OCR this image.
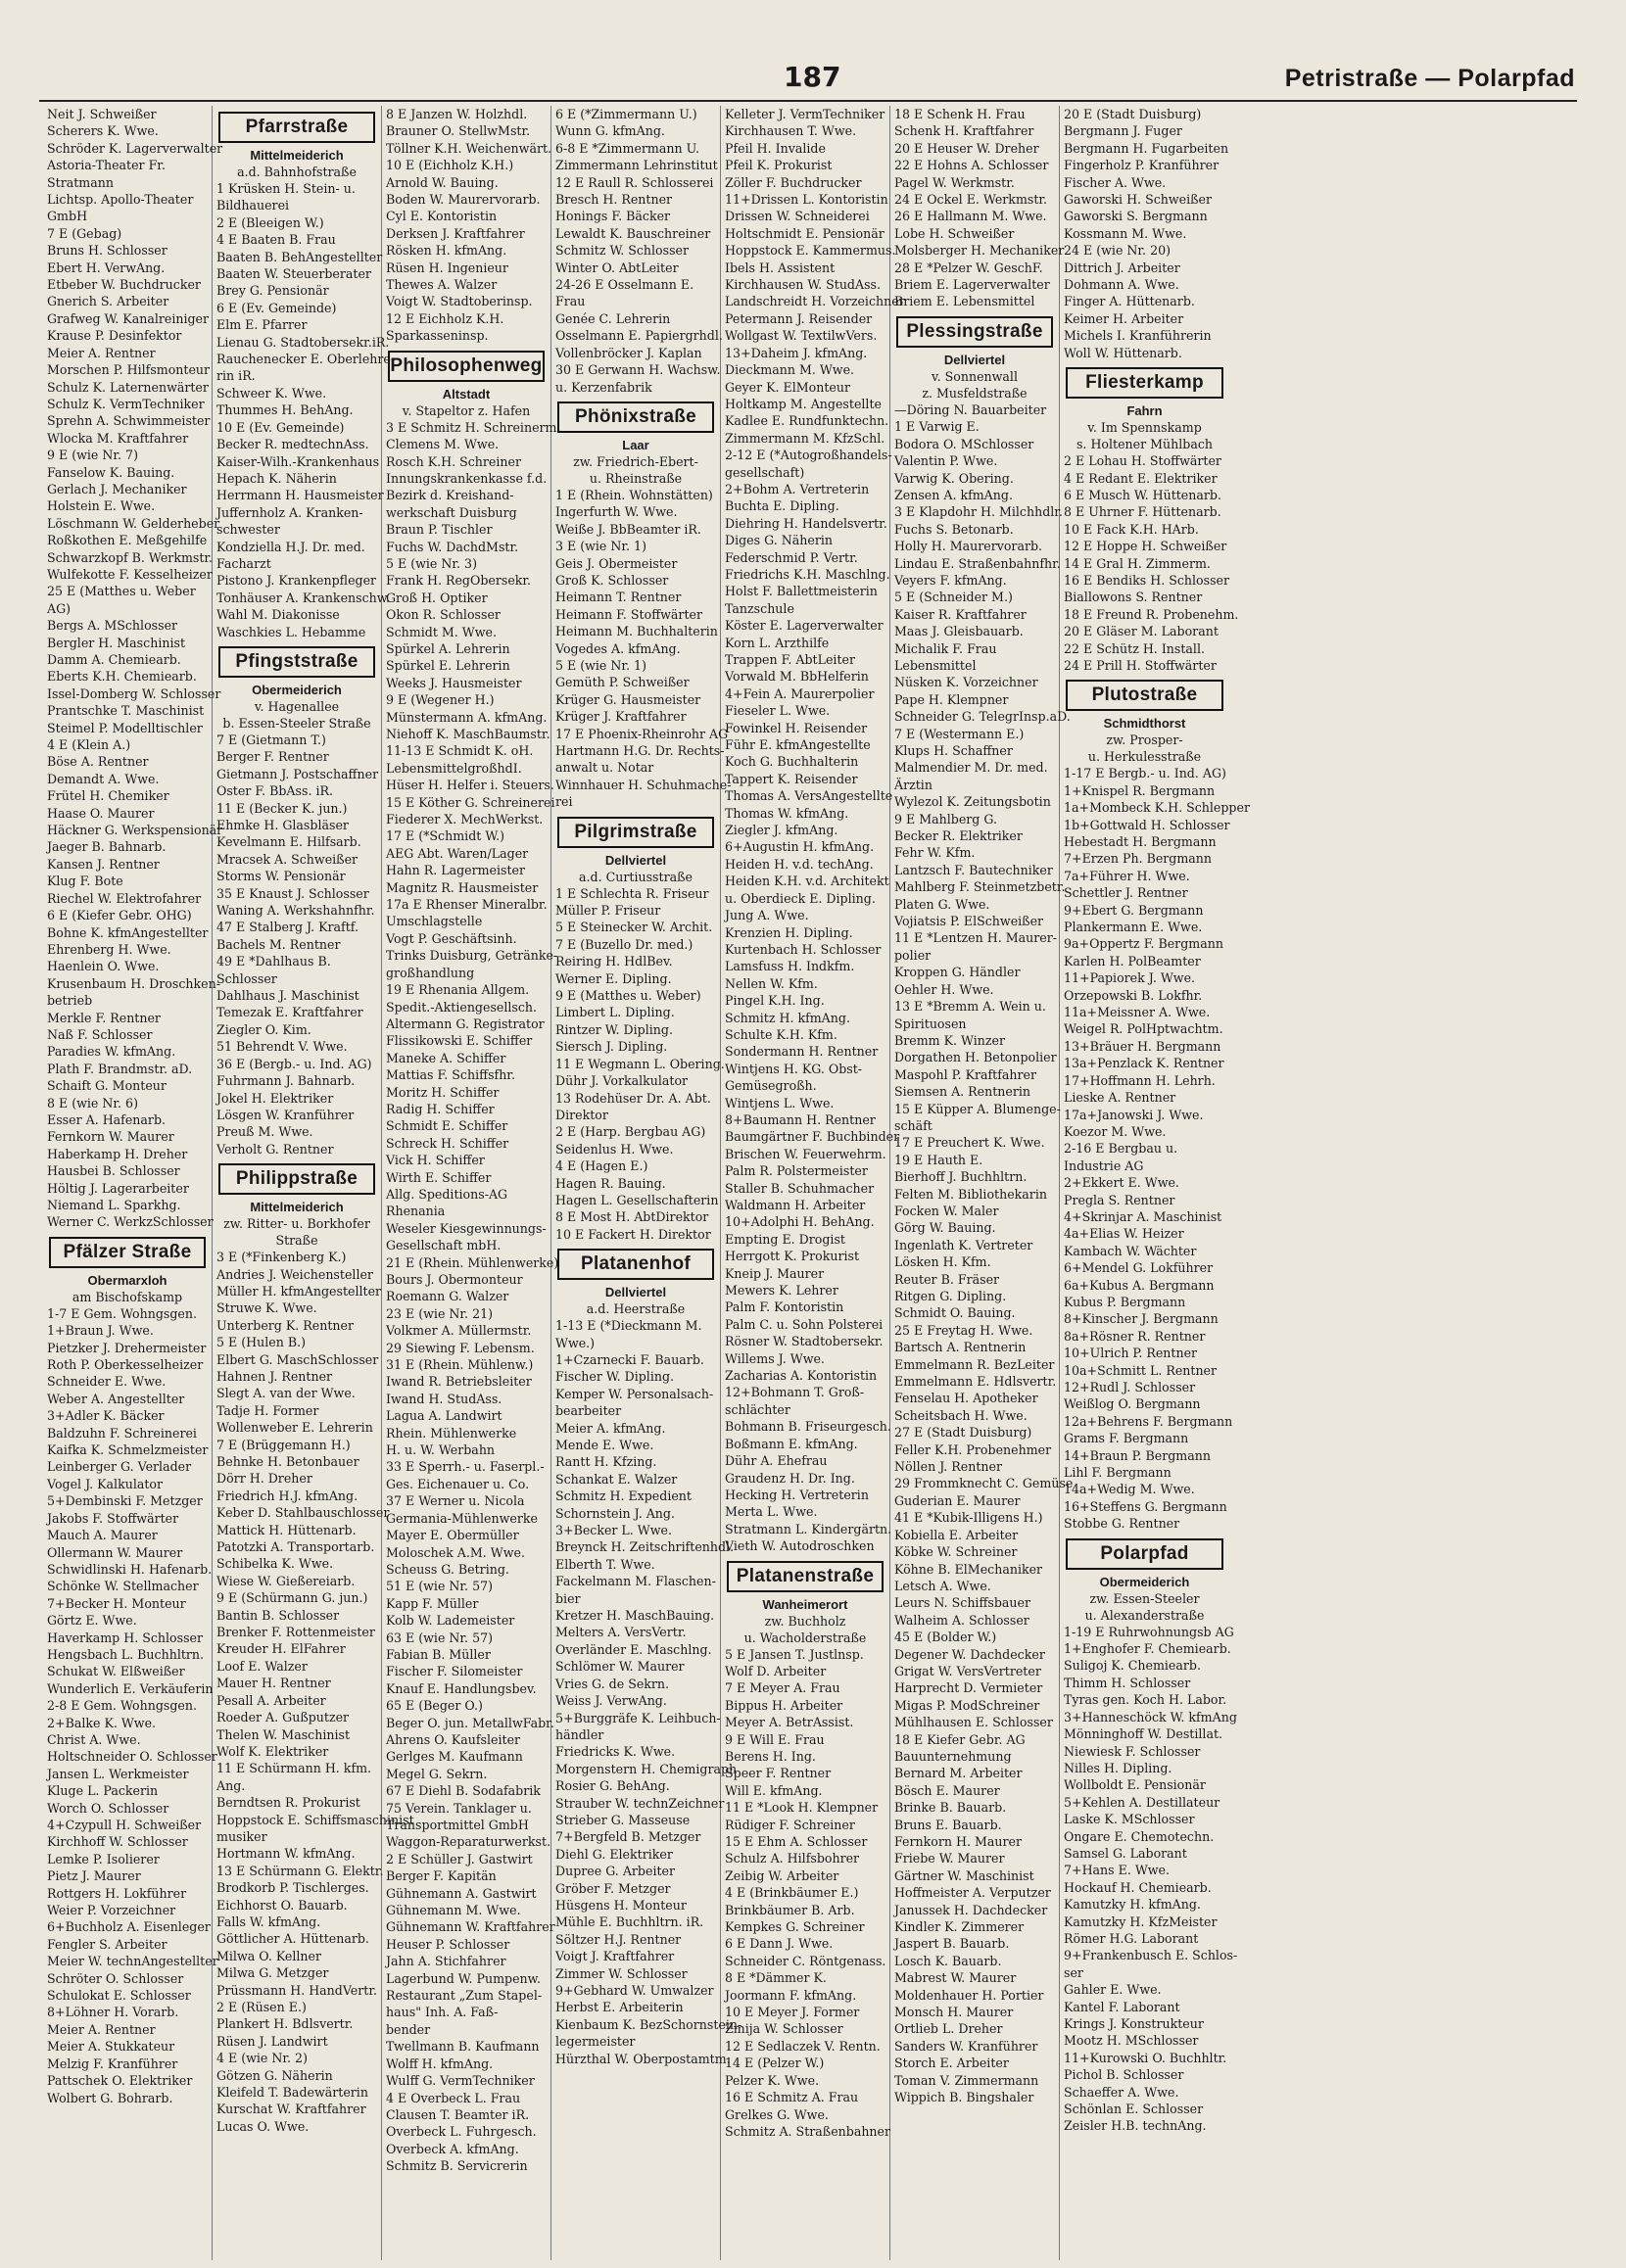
187	Petristraße — Polarpfad
Neit J. Schweißer
Scherers K. Wwe.
Schröder K. Lagerverwalter
Astoria-Theater Fr.
Stratmann
Lichtsp. Apollo-Theater
GmbH
7 E (Gebag)
Bruns H. Schlosser
Ebert H. VerwAng.
Etbeber W. Buchdrucker
Gnerich S. Arbeiter
Grafweg W. Kanalreiniger
Krause P. Desinfektor
Meier A. Rentner
Morschen P. Hilfsmonteur
Schulz K. Laternenwärter
Schulz K. VermTechniker
Sprehn A. Schwimmeister
Wlocka M. Kraftfahrer
9 E (wie Nr. 7)
Fanselow K. Bauing.
Gerlach J. Mechaniker
Holstein E. Wwe.
Löschmann W. Gelderheber
Roßkothen E. Meßgehilfe
Schwarzkopf B. Werkmstr.
Wulfekotte F. Kesselheizer
25 E (Matthes u. Weber
AG)
Bergs A. MSchlosser
Bergler H. Maschinist
Damm A. Chemiearb.
Eberts K.H. Chemiearb.
Issel-Domberg W. Schlosser
Prantschke T. Maschinist
Steimel P. Modelltischler
4 E (Klein A.)
Böse A. Rentner
Demandt A. Wwe.
Frütel H. Chemiker
Haase O. Maurer
Häckner G. Werkspensionär
Jaeger B. Bahnarb.
Kansen J. Rentner
Klug F. Bote
Riechel W. Elektrofahrer
6 E (Kiefer Gebr. OHG)
Bohne K. kfmAngestellter
Ehrenberg H. Wwe.
Haenlein O. Wwe.
Krusenbaum H. Droschken-
betrieb
Merkle F. Rentner
Naß F. Schlosser
Paradies W. kfmAng.
Plath F. Brandmstr. aD.
Schaift G. Monteur
8 E (wie Nr. 6)
Esser A. Hafenarb.
Fernkorn W. Maurer
Haberkamp H. Dreher
Hausbei B. Schlosser
Höltig J. Lagerarbeiter
Niemand L. Sparkhg.
Werner C. WerkzSchlosser
Pfälzer Straße
Obermarxloh
am Bischofskamp
1-7 E Gem. Wohngsgen.
1+Braun J. Wwe.
Pietzker J. Drehermeister
Roth P. Oberkesselheizer
Schneider E. Wwe.
Weber A. Angestellter
3+Adler K. Bäcker
Baldzuhn F. Schreinerei
Kaifka K. Schmelzmeister
Leinberger G. Verlader
Vogel J. Kalkulator
5+Dembinski F. Metzger
Jakobs F. Stoffwärter
Mauch A. Maurer
Ollermann W. Maurer
Schwidlinski H. Hafenarb.
Schönke W. Stellmacher
7+Becker H. Monteur
Görtz E. Wwe.
Haverkamp H. Schlosser
Hengsbach L. Buchhltrn.
Schukat W. Elßweißer
Wunderlich E. Verkäuferin
2-8 E Gem. Wohngsgen.
2+Balke K. Wwe.
Christ A. Wwe.
Holtschneider O. Schlosser
Jansen L. Werkmeister
Kluge L. Packerin
Worch O. Schlosser
4+Czypull H. Schweißer
Kirchhoff W. Schlosser
Lemke P. Isolierer
Pietz J. Maurer
Rottgers H. Lokführer
Weier P. Vorzeichner
6+Buchholz A. Eisenleger
Fengler S. Arbeiter
Meier W. technAngestellter
Schröter O. Schlosser
Schulokat E. Schlosser
8+Löhner H. Vorarb.
Meier A. Rentner
Meier A. Stukkateur
Melzig F. Kranführer
Pattschek O. Elektriker
Wolbert G. Bohrarb.
Pfarrstraße
Mittelmeiderich
a.d. Bahnhofstraße
1 Krüsken H. Stein- u.
Bildhauerei
2 E (Bleeigen W.)
4 E Baaten B. Frau
Baaten B. BehAngestellter
Baaten W. Steuerberater
Brey G. Pensionär
6 E (Ev. Gemeinde)
Elm E. Pfarrer
Lienau G. Stadtobersekr.iR.
Rauchenecker E. Oberlehre-
rin iR.
Schweer K. Wwe.
Thummes H. BehAng.
10 E (Ev. Gemeinde)
Becker R. medtechnAss.
Kaiser-Wilh.-Krankenhaus
Hepach K. Näherin
Herrmann H. Hausmeister
Juffernholz A. Kranken-
schwester
Kondziella H.J. Dr. med.
Facharzt
Pistono J. Krankenpfleger
Tonhäuser A. Krankenschw.
Wahl M. Diakonisse
Waschkies L. Hebamme
Pfingststraße
Obermeiderich
v. Hagenallee
b. Essen-Steeler Straße
7 E (Gietmann T.)
Berger F. Rentner
Gietmann J. Postschaffner
Oster F. BbAss. iR.
11 E (Becker K. jun.)
Ehmke H. Glasbläser
Kevelmann E. Hilfsarb.
Mracsek A. Schweißer
Storms W. Pensionär
35 E Knaust J. Schlosser
Waning A. Werkshahnfhr.
47 E Stalberg J. Kraftf.
Bachels M. Rentner
49 E *Dahlhaus B.
Schlosser
Dahlhaus J. Maschinist
Temezak E. Kraftfahrer
Ziegler O. Kim.
51 Behrendt V. Wwe.
36 E (Bergb.- u. Ind. AG)
Fuhrmann J. Bahnarb.
Jokel H. Elektriker
Lösgen W. Kranführer
Preuß M. Wwe.
Verholt G. Rentner
Philippstraße
Mittelmeiderich
zw. Ritter- u. Borkhofer
Straße
3 E (*Finkenberg K.)
Andries J. Weichensteller
Müller H. kfmAngestellter
Struwe K. Wwe.
Unterberg K. Rentner
5 E (Hulen B.)
Elbert G. MaschSchlosser
Hahnen J. Rentner
Slegt A. van der Wwe.
Tadje H. Former
Wollenweber E. Lehrerin
7 E (Brüggemann H.)
Behnke H. Betonbauer
Dörr H. Dreher
Friedrich H.J. kfmAng.
Keber D. Stahlbauschlosser
Mattick H. Hüttenarb.
Patotzki A. Transportarb.
Schibelka K. Wwe.
Wiese W. Gießereiarb.
9 E (Schürmann G. jun.)
Bantin B. Schlosser
Brenker F. Rottenmeister
Kreuder H. ElFahrer
Loof E. Walzer
Mauer H. Rentner
Pesall A. Arbeiter
Roeder A. Gußputzer
Thelen W. Maschinist
Wolf K. Elektriker
11 E Schürmann H. kfm.
Ang.
Berndtsen R. Prokurist
Hoppstock E. Schiffsmaschinist
musiker
Hortmann W. kfmAng.
13 E Schürmann G. Elektr.
Brodkorb P. Tischlerges.
Eichhorst O. Bauarb.
Falls W. kfmAng.
Göttlicher A. Hüttenarb.
Milwa O. Kellner
Milwa G. Metzger
Prüssmann H. HandVertr.
2 E (Rüsen E.)
Plankert H. Bdlsvertr.
Rüsen J. Landwirt
4 E (wie Nr. 2)
Götzen G. Näherin
Kleifeld T. Badewärterin
Kurschat W. Kraftfahrer
Lucas O. Wwe.
8 E Janzen W. Holzhdl.
Brauner O. StellwMstr.
Töllner K.H. Weichenwärt.
10 E (Eichholz K.H.)
Arnold W. Bauing.
Boden W. Maurervorarb.
Cyl E. Kontoristin
Derksen J. Kraftfahrer
Rösken H. kfmAng.
Rüsen H. Ingenieur
Thewes A. Walzer
Voigt W. Stadtoberinsp.
12 E Eichholz K.H.
Sparkasseninsp.
Philosophenweg
Altstadt
v. Stapeltor z. Hafen
3 E Schmitz H. Schreinerm.
Clemens M. Wwe.
Rosch K.H. Schreiner
Innungskrankenkasse f.d.
Bezirk d. Kreishand-
werkschaft Duisburg
Braun P. Tischler
Fuchs W. DachdMstr.
5 E (wie Nr. 3)
Frank H. RegObersekr.
Groß H. Optiker
Okon R. Schlosser
Schmidt M. Wwe.
Spürkel A. Lehrerin
Spürkel E. Lehrerin
Weeks J. Hausmeister
9 E (Wegener H.)
Münstermann A. kfmAng.
Niehoff K. MaschBaumstr.
11-13 E Schmidt K. oH.
LebensmittelgroßhdI.
Hüser H. Helfer i. Steuers.
15 E Köther G. Schreinerei
Fiederer X. MechWerkst.
17 E (*Schmidt W.)
AEG Abt. Waren/Lager
Hahn R. Lagermeister
Magnitz R. Hausmeister
17a E Rhenser Mineralbr.
Umschlagstelle
Vogt P. Geschäftsinh.
Trinks Duisburg, Getränke-
großhandlung
19 E Rhenania Allgem.
Spedit.-Aktiengesellsch.
Altermann G. Registrator
Flissikowski E. Schiffer
Maneke A. Schiffer
Mattias F. Schiffsfhr.
Moritz H. Schiffer
Radig H. Schiffer
Schmidt E. Schiffer
Schreck H. Schiffer
Vick H. Schiffer
Wirth E. Schiffer
Allg. Speditions-AG
Rhenania
Weseler Kiesgewinnungs-
Gesellschaft mbH.
21 E (Rhein. Mühlenwerke)
Bours J. Obermonteur
Roemann G. Walzer
23 E (wie Nr. 21)
Volkmer A. Müllermstr.
29 Siewing F. Lebensm.
31 E (Rhein. Mühlenw.)
Iwand R. Betriebsleiter
Iwand H. StudAss.
Lagua A. Landwirt
Rhein. Mühlenwerke
H. u. W. Werbahn
33 E Sperrh.- u. Faserpl.-
Ges. Eichenauer u. Co.
37 E Werner u. Nicola
Germania-Mühlenwerke
Mayer E. Obermüller
Moloschek A.M. Wwe.
Scheuss G. Betring.
51 E (wie Nr. 57)
Kapp F. Müller
Kolb W. Lademeister
63 E (wie Nr. 57)
Fabian B. Müller
Fischer F. Silomeister
Knauf E. Handlungsbev.
65 E (Beger O.)
Beger O. jun. MetallwFabr.
Ahrens O. Kaufsleiter
Gerlges M. Kaufmann
Megel G. Sekrn.
67 E Diehl B. Sodafabrik
75 Verein. Tanklager u.
Transportmittel GmbH
Waggon-Reparaturwerkst.
2 E Schüller J. Gastwirt
Berger F. Kapitän
Gühnemann A. Gastwirt
Gühnemann M. Wwe.
Gühnemann W. Kraftfahrer
Heuser P. Schlosser
Jahn A. Stichfahrer
Lagerbund W. Pumpenw.
Restaurant „Zum Stapel-
haus" Inh. A. Faß-
bender
Twellmann B. Kaufmann
Wolff H. kfmAng.
Wulff G. VermTechniker
4 E Overbeck L. Frau
Clausen T. Beamter iR.
Overbeck L. Fuhrgesch.
Overbeck A. kfmAng.
Schmitz B. Servicrerin
6 E (*Zimmermann U.)
Wunn G. kfmAng.
6-8 E *Zimmermann U.
Zimmermann Lehrinstitut
12 E Raull R. Schlosserei
Bresch H. Rentner
Honings F. Bäcker
Lewaldt K. Bauschreiner
Schmitz W. Schlosser
Winter O. AbtLeiter
24-26 E Osselmann E.
Frau
Genée C. Lehrerin
Osselmann E. Papiergrhdl.
Vollenbröcker J. Kaplan
30 E Gerwann H. Wachsw.
u. Kerzenfabrik
Phönixstraße
Laar
zw. Friedrich-Ebert-
u. Rheinstraße
1 E (Rhein. Wohnstätten)
Ingerfurth W. Wwe.
Weiße J. BbBeamter iR.
3 E (wie Nr. 1)
Geis J. Obermeister
Groß K. Schlosser
Heimann T. Rentner
Heimann F. Stoffwärter
Heimann M. Buchhalterin
Vogedes A. kfmAng.
5 E (wie Nr. 1)
Gemüth P. Schweißer
Krüger G. Hausmeister
Krüger J. Kraftfahrer
17 E Phoenix-Rheinrohr AG
Hartmann H.G. Dr. Rechts-
anwalt u. Notar
Winnhauer H. Schuhmache-
rei
Pilgrimstraße
Dellviertel
a.d. Curtiusstraße
1 E Schlechta R. Friseur
Müller P. Friseur
5 E Steinecker W. Archit.
7 E (Buzello Dr. med.)
Reiring H. HdlBev.
Werner E. Dipling.
9 E (Matthes u. Weber)
Limbert L. Dipling.
Rintzer W. Dipling.
Siersch J. Dipling.
11 E Wegmann L. Obering.
Dühr J. Vorkalkulator
13 Rodehüser Dr. A. Abt.
Direktor
2 E (Harp. Bergbau AG)
Seidenlus H. Wwe.
4 E (Hagen E.)
Hagen R. Bauing.
Hagen L. Gesellschafterin
8 E Most H. AbtDirektor
10 E Fackert H. Direktor
Platanenhof
Dellviertel
a.d. Heerstraße
1-13 E (*Dieckmann M.
Wwe.)
1+Czarnecki F. Bauarb.
Fischer W. Dipling.
Kemper W. Personalsach-
bearbeiter
Meier A. kfmAng.
Mende E. Wwe.
Rantt H. Kfzing.
Schankat E. Walzer
Schmitz H. Expedient
Schornstein J. Ang.
3+Becker L. Wwe.
Breynck H. Zeitschriftenhdl.
Elberth T. Wwe.
Fackelmann M. Flaschen-
bier
Kretzer H. MaschBauing.
Melters A. VersVertr.
Overländer E. Maschlng.
Schlömer W. Maurer
Vries G. de Sekrn.
Weiss J. VerwAng.
5+Burggräfe K. Leihbuch-
händler
Friedricks K. Wwe.
Morgenstern H. Chemigraph
Rosier G. BehAng.
Strauber W. technZeichner
Strieber G. Masseuse
7+Bergfeld B. Metzger
Diehl G. Elektriker
Dupree G. Arbeiter
Gröber F. Metzger
Hüsgens H. Monteur
Mühle E. Buchhltrn. iR.
Söltzer H.J. Rentner
Voigt J. Kraftfahrer
Zimmer W. Schlosser
9+Gebhard W. Umwalzer
Herbst E. Arbeiterin
Kienbaum K. BezSchornstein-
legermeister
Hürzthal W. Oberpostamtm.
Kelleter J. VermTechniker
Kirchhausen T. Wwe.
Pfeil H. Invalide
Pfeil K. Prokurist
Zöller F. Buchdrucker
11+Drissen L. Kontoristin
Drissen W. Schneiderei
Holtschmidt E. Pensionär
Hoppstock E. Kammermus.
Ibels H. Assistent
Kirchhausen W. StudAss.
Landschreidt H. Vorzeichner
Petermann J. Reisender
Wollgast W. TextilwVers.
13+Daheim J. kfmAng.
Dieckmann M. Wwe.
Geyer K. ElMonteur
Holtkamp M. Angestellte
Kadlee E. Rundfunktechn.
Zimmermann M. KfzSchl.
2-12 E (*Autogroßhandels-
gesellschaft)
2+Bohm A. Vertreterin
Buchta E. Dipling.
Diehring H. Handelsvertr.
Diges G. Näherin
Federschmid P. Vertr.
Friedrichs K.H. Maschlng.
Holst F. Ballettmeisterin
Tanzschule
Köster E. Lagerverwalter
Korn L. Arzthilfe
Trappen F. AbtLeiter
Vorwald M. BbHelferin
4+Fein A. Maurerpolier
Fieseler L. Wwe.
Fowinkel H. Reisender
Führ E. kfmAngestellte
Koch G. Buchhalterin
Tappert K. Reisender
Thomas A. VersAngestellte
Thomas W. kfmAng.
Ziegler J. kfmAng.
6+Augustin H. kfmAng.
Heiden H. v.d. techAng.
Heiden K.H. v.d. Architekt
u. Oberdieck E. Dipling.
Jung A. Wwe.
Krenzien H. Dipling.
Kurtenbach H. Schlosser
Lamsfuss H. Indkfm.
Nellen W. Kfm.
Pingel K.H. Ing.
Schmitz H. kfmAng.
Schulte K.H. Kfm.
Sondermann H. Rentner
Wintjens H. KG. Obst-
Gemüsegroßh.
Wintjens L. Wwe.
8+Baumann H. Rentner
Baumgärtner F. Buchbinder
Brischen W. Feuerwehrm.
Palm R. Polstermeister
Staller B. Schuhmacher
Waldmann H. Arbeiter
10+Adolphi H. BehAng.
Empting E. Drogist
Herrgott K. Prokurist
Kneip J. Maurer
Mewers K. Lehrer
Palm F. Kontoristin
Palm C. u. Sohn Polsterei
Rösner W. Stadtobersekr.
Willems J. Wwe.
Zacharias A. Kontoristin
12+Bohmann T. Groß-
schlächter
Bohmann B. Friseurgesch.
Boßmann E. kfmAng.
Dühr A. Ehefrau
Graudenz H. Dr. Ing.
Hecking H. Vertreterin
Merta L. Wwe.
Stratmann L. Kindergärtn.
Vieth W. Autodroschken
Platanenstraße
Wanheimerort
zw. Buchholz
u. Wacholderstraße
5 E Jansen T. Justlnsp.
Wolf D. Arbeiter
7 E Meyer A. Frau
Bippus H. Arbeiter
Meyer A. BetrAssist.
9 E Will E. Frau
Berens H. Ing.
Speer F. Rentner
Will E. kfmAng.
11 E *Look H. Klempner
Rüdiger F. Schreiner
15 E Ehm A. Schlosser
Schulz A. Hilfsbohrer
Zeibig W. Arbeiter
4 E (Brinkbäumer E.)
Brinkbäumer B. Arb.
Kempkes G. Schreiner
6 E Dann J. Wwe.
Schneider C. Röntgenass.
8 E *Dämmer K.
Joormann F. kfmAng.
10 E Meyer J. Former
Zmija W. Schlosser
12 E Sedlaczek V. Rentn.
14 E (Pelzer W.)
Pelzer K. Wwe.
16 E Schmitz A. Frau
Grelkes G. Wwe.
Schmitz A. Straßenbahner
18 E Schenk H. Frau
Schenk H. Kraftfahrer
20 E Heuser W. Dreher
22 E Hohns A. Schlosser
Pagel W. Werkmstr.
24 E Ockel E. Werkmstr.
26 E Hallmann M. Wwe.
Lobe H. Schweißer
Molsberger H. Mechaniker
28 E *Pelzer W. GeschF.
Briem E. Lagerverwalter
Briem E. Lebensmittel
Plessingstraße
Dellviertel
v. Sonnenwall
z. Musfeldstraße
—Döring N. Bauarbeiter
1 E Varwig E.
Bodora O. MSchlosser
Valentin P. Wwe.
Varwig K. Obering.
Zensen A. kfmAng.
3 E Klapdohr H. Milchhdlr.
Fuchs S. Betonarb.
Holly H. Maurervorarb.
Lindau E. Straßenbahnfhr.
Veyers F. kfmAng.
5 E (Schneider M.)
Kaiser R. Kraftfahrer
Maas J. Gleisbauarb.
Michalik F. Frau
Lebensmittel
Nüsken K. Vorzeichner
Pape H. Klempner
Schneider G. TelegrInsp.aD.
7 E (Westermann E.)
Klups H. Schaffner
Malmendier M. Dr. med.
Ärztin
Wylezol K. Zeitungsbotin
9 E Mahlberg G.
Becker R. Elektriker
Fehr W. Kfm.
Lantzsch F. Bautechniker
Mahlberg F. Steinmetzbetr.
Platen G. Wwe.
Vojiatsis P. ElSchweißer
11 E *Lentzen H. Maurer-
polier
Kroppen G. Händler
Oehler H. Wwe.
13 E *Bremm A. Wein u.
Spirituosen
Bremm K. Winzer
Dorgathen H. Betonpolier
Maspohl P. Kraftfahrer
Siemsen A. Rentnerin
15 E Küpper A. Blumenge-
schäft
17 E Preuchert K. Wwe.
19 E Hauth E.
Bierhoff J. Buchhltrn.
Felten M. Bibliothekarin
Focken W. Maler
Görg W. Bauing.
Ingenlath K. Vertreter
Lösken H. Kfm.
Reuter B. Fräser
Ritgen G. Dipling.
Schmidt O. Bauing.
25 E Freytag H. Wwe.
Bartsch A. Rentnerin
Emmelmann R. BezLeiter
Emmelmann E. Hdlsvertr.
Fenselau H. Apotheker
Scheitsbach H. Wwe.
27 E (Stadt Duisburg)
Feller K.H. Probenehmer
Nöllen J. Rentner
29 Frommknecht C. Gemüse
Guderian E. Maurer
41 E *Kubik-Illigens H.)
Kobiella E. Arbeiter
Köbke W. Schreiner
Köhne B. ElMechaniker
Letsch A. Wwe.
Leurs N. Schiffsbauer
Walheim A. Schlosser
45 E (Bolder W.)
Degener W. Dachdecker
Grigat W. VersVertreter
Harprecht D. Vermieter
Migas P. ModSchreiner
Mühlhausen E. Schlosser
18 E Kiefer Gebr. AG
Bauunternehmung
Bernard M. Arbeiter
Bösch E. Maurer
Brinke B. Bauarb.
Bruns E. Bauarb.
Fernkorn H. Maurer
Friebe W. Maurer
Gärtner W. Maschinist
Hoffmeister A. Verputzer
Janussek H. Dachdecker
Kindler K. Zimmerer
Jaspert B. Bauarb.
Losch K. Bauarb.
Mabrest W. Maurer
Moldenhauer H. Portier
Monsch H. Maurer
Ortlieb L. Dreher
Sanders W. Kranführer
Storch E. Arbeiter
Toman V. Zimmermann
Wippich B. Bingshaler
20 E (Stadt Duisburg)
Bergmann J. Fuger
Bergmann H. Fugarbeiten
Fingerholz P. Kranführer
Fischer A. Wwe.
Gaworski H. Schweißer
Gaworski S. Bergmann
Kossmann M. Wwe.
24 E (wie Nr. 20)
Dittrich J. Arbeiter
Dohmann A. Wwe.
Finger A. Hüttenarb.
Keimer H. Arbeiter
Michels I. Kranführerin
Woll W. Hüttenarb.
Fliesterkamp
Fahrn
v. Im Spennskamp
s. Holtener Mühlbach
2 E Lohau H. Stoffwärter
4 E Redant E. Elektriker
6 E Musch W. Hüttenarb.
8 E Uhrner F. Hüttenarb.
10 E Fack K.H. HArb.
12 E Hoppe H. Schweißer
14 E Gral H. Zimmerm.
16 E Bendiks H. Schlosser
Biallowons S. Rentner
18 E Freund R. Probenehm.
20 E Gläser M. Laborant
22 E Schütz H. Install.
24 E Prill H. Stoffwärter
Plutostraße
Schmidthorst
zw. Prosper-
u. Herkulesstraße
1-17 E Bergb.- u. Ind. AG)
1+Knispel R. Bergmann
1a+Mombeck K.H. Schlepper
1b+Gottwald H. Schlosser
Hebestadt H. Bergmann
7+Erzen Ph. Bergmann
7a+Führer H. Wwe.
Schettler J. Rentner
9+Ebert G. Bergmann
Plankermann E. Wwe.
9a+Oppertz F. Bergmann
Karlen H. PolBeamter
11+Papiorek J. Wwe.
Orzepowski B. Lokfhr.
11a+Meissner A. Wwe.
Weigel R. PolHptwachtm.
13+Bräuer H. Bergmann
13a+Penzlack K. Rentner
17+Hoffmann H. Lehrh.
Lieske A. Rentner
17a+Janowski J. Wwe.
Koezor M. Wwe.
2-16 E Bergbau u.
Industrie AG
2+Ekkert E. Wwe.
Pregla S. Rentner
4+Skrinjar A. Maschinist
4a+Elias W. Heizer
Kambach W. Wächter
6+Mendel G. Lokführer
6a+Kubus A. Bergmann
Kubus P. Bergmann
8+Kinscher J. Bergmann
8a+Rösner R. Rentner
10+Ulrich P. Rentner
10a+Schmitt L. Rentner
12+Rudl J. Schlosser
Weißlog O. Bergmann
12a+Behrens F. Bergmann
Grams F. Bergmann
14+Braun P. Bergmann
Lihl F. Bergmann
14a+Wedig M. Wwe.
16+Steffens G. Bergmann
Stobbe G. Rentner
Polarpfad
Obermeiderich
zw. Essen-Steeler
u. Alexanderstraße
1-19 E Ruhrwohnungsb AG
1+Enghofer F. Chemiearb.
Suligoj K. Chemiearb.
Thimm H. Schlosser
Tyras gen. Koch H. Labor.
3+Hanneschöck W. kfmAng
Mönninghoff W. Destillat.
Niewiesk F. Schlosser
Nilles H. Dipling.
Wollboldt E. Pensionär
5+Kehlen A. Destillateur
Laske K. MSchlosser
Ongare E. Chemotechn.
Samsel G. Laborant
7+Hans E. Wwe.
Hockauf H. Chemiearb.
Kamutzky H. kfmAng.
Kamutzky H. KfzMeister
Römer H.G. Laborant
9+Frankenbusch E. Schlos-
ser
Gahler E. Wwe.
Kantel F. Laborant
Krings J. Konstrukteur
Mootz H. MSchlosser
11+Kurowski O. Buchhltr.
Pichol B. Schlosser
Schaeffer A. Wwe.
Schönlan E. Schlosser
Zeisler H.B. technAng.
